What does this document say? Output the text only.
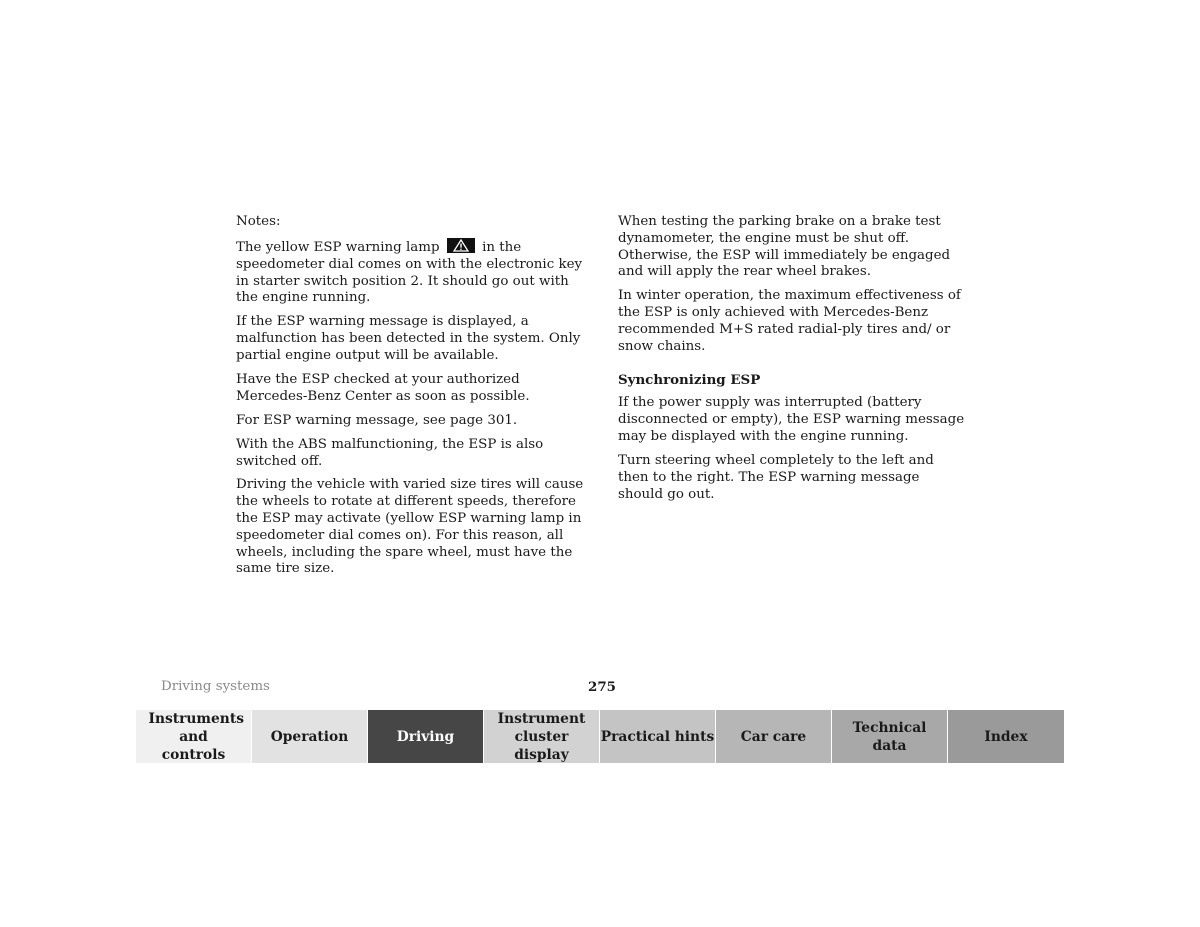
Notes:

The yellow ESP warning lamp	in the speedometer dial comes on with the electronic key in starter switch position 2. It should go out with the engine running.

If the ESP warning message is displayed, a malfunction has been detected in the system. Only partial engine output will be available.

Have the ESP checked at your authorized Mercedes-Benz Center as soon as possible.

For ESP warning message, see page 301.

With the ABS malfunctioning, the ESP is also switched off.

Driving the vehicle with varied size tires will cause the wheels to rotate at different speeds, therefore the ESP may activate (yellow ESP warning lamp in speedometer dial comes on). For this reason, all wheels, including the spare wheel, must have the same tire size.

When testing the parking brake on a brake test dynamometer, the engine must be shut off. Otherwise, the ESP will immediately be engaged and will apply the rear wheel brakes.

In winter operation, the maximum effectiveness of the ESP is only achieved with Mercedes-Benz recommended M+S rated radial-ply tires and/ or snow chains.

Synchronizing ESP

If the power supply was interrupted (battery disconnected or empty), the ESP warning message may be displayed with the engine running.

Turn steering wheel completely to the left and then to the right. The ESP warning message should go out.

Driving systems	275
Instruments and controls
Operation	Driving
Instrument cluster display
Practical hints Car care
Technical data
Index
